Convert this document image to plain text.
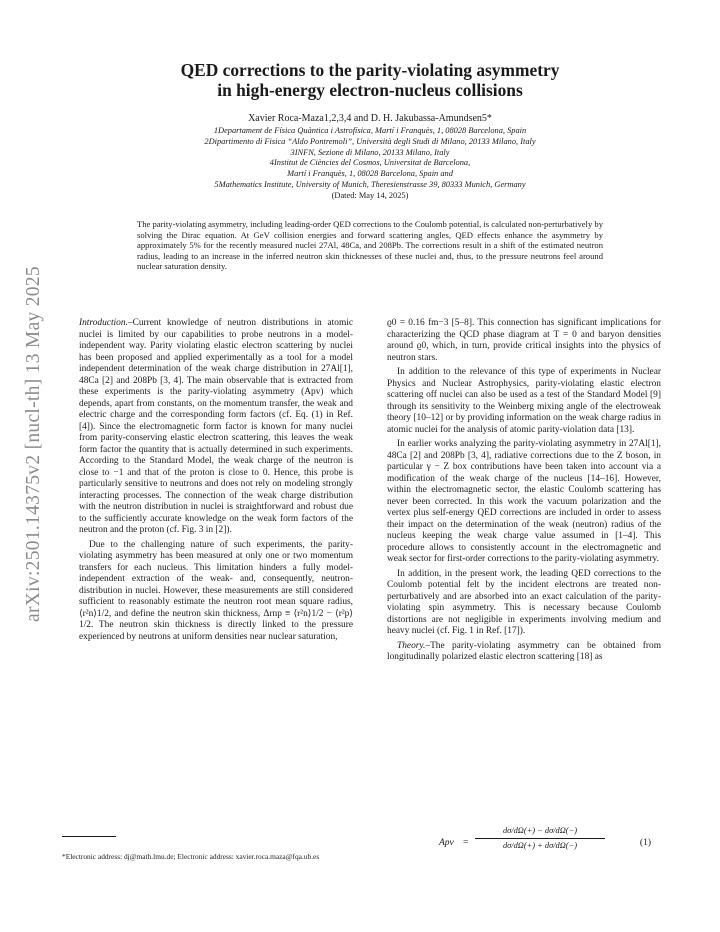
arXiv:2501.14375v2 [nucl-th] 13 May 2025
QED corrections to the parity-violating asymmetry
in high-energy electron-nucleus collisions
Xavier Roca-Maza1,2,3,4 and D. H. Jakubassa-Amundsen5*
1Departament de Física Quàntica i Astrofísica, Martí i Franquès, 1, 08028 Barcelona, Spain
2Dipartimento di Fisica “Aldo Pontremoli”, Università degli Studi di Milano, 20133 Milano, Italy
3INFN, Sezione di Milano, 20133 Milano, Italy
4Institut de Ciències del Cosmos, Universitat de Barcelona,
Martí i Franquès, 1, 08028 Barcelona, Spain and
5Mathematics Institute, University of Munich, Theresienstrasse 39, 80333 Munich, Germany
(Dated: May 14, 2025)
The parity-violating asymmetry, including leading-order QED corrections to the Coulomb potential, is calculated non-perturbatively by solving the Dirac equation. At GeV collision energies and forward scattering angles, QED effects enhance the asymmetry by approximately 5% for the recently measured nuclei 27Al, 48Ca, and 208Pb. The corrections result in a shift of the estimated neutron radius, leading to an increase in the inferred neutron skin thicknesses of these nuclei and, thus, to the pressure neutrons feel around nuclear saturation density.

Introduction.–Current knowledge of neutron distributions in atomic nuclei is limited by our capabilities to probe neutrons in a model-independent way. Parity violating elastic electron scattering by nuclei has been proposed and applied experimentally as a tool for a model independent determination of the weak charge distribution in 27Al[1], 48Ca [2] and 208Pb [3, 4]. The main observable that is extracted from these experiments is the parity-violating asymmetry (Apv) which depends, apart from constants, on the momentum transfer, the weak and electric charge and the corresponding form factors (cf. Eq. (1) in Ref. [4]). Since the electromagnetic form factor is known for many nuclei from parity-conserving elastic electron scattering, this leaves the weak form factor the quantity that is actually determined in such experiments. According to the Standard Model, the weak charge of the neutron is close to −1 and that of the proton is close to 0. Hence, this probe is particularly sensitive to neutrons and does not rely on modeling strongly interacting processes. The connection of the weak charge distribution with the neutron distribution in nuclei is straightforward and robust due to the sufficiently accurate knowledge on the weak form factors of the neutron and the proton (cf. Fig. 3 in [2]).

Due to the challenging nature of such experiments, the parity-violating asymmetry has been measured at only one or two momentum transfers for each nucleus. This limitation hinders a fully model-independent extraction of the weak- and, consequently, neutron- distribution in nuclei. However, these measurements are still considered sufficient to reasonably estimate the neutron root mean square radius, ⟨r²n⟩1/2, and define the neutron skin thickness, Δrnp ≡ ⟨r²n⟩1/2 − ⟨r²p⟩1/2. The neutron skin thickness is directly linked to the pressure experienced by neutrons at uniform densities near nuclear saturation,

ϱ0 = 0.16 fm−3 [5–8]. This connection has significant implications for characterizing the QCD phase diagram at T = 0 and baryon densities around ϱ0, which, in turn, provide critical insights into the physics of neutron stars.

In addition to the relevance of this type of experiments in Nuclear Physics and Nuclear Astrophysics, parity-violating elastic electron scattering off nuclei can also be used as a test of the Standard Model [9] through its sensitivity to the Weinberg mixing angle of the electroweak theory [10–12] or by providing information on the weak charge radius in atomic nuclei for the analysis of atomic parity-violation data [13].

In earlier works analyzing the parity-violating asymmetry in 27Al[1], 48Ca [2] and 208Pb [3, 4], radiative corrections due to the Z boson, in particular γ − Z box contributions have been taken into account via a modification of the weak charge of the nucleus [14–16]. However, within the electromagnetic sector, the elastic Coulomb scattering has never been corrected. In this work the vacuum polarization and the vertex plus self-energy QED corrections are included in order to assess their impact on the determination of the weak (neutron) radius of the nucleus keeping the weak charge value assumed in [1–4]. This procedure allows to consistently account in the electromagnetic and weak sector for first-order corrections to the parity-violating asymmetry.

In addition, in the present work, the leading QED corrections to the Coulomb potential felt by the incident electrons are treated non-perturbatively and are absorbed into an exact calculation of the parity-violating spin asymmetry. This is necessary because Coulomb distortions are not negligible in experiments involving medium and heavy nuclei (cf. Fig. 1 in Ref. [17]).

Theory.–The parity-violating asymmetry can be obtained from longitudinally polarized elastic electron scattering [18] as

Apv =
dσ/dΩ(+) − dσ/dΩ(−)
dσ/dΩ(+) + dσ/dΩ(−)	(1)
*Electronic address: dj@math.lmu.de; Electronic address: xavier.roca.maza@fqa.ub.es
